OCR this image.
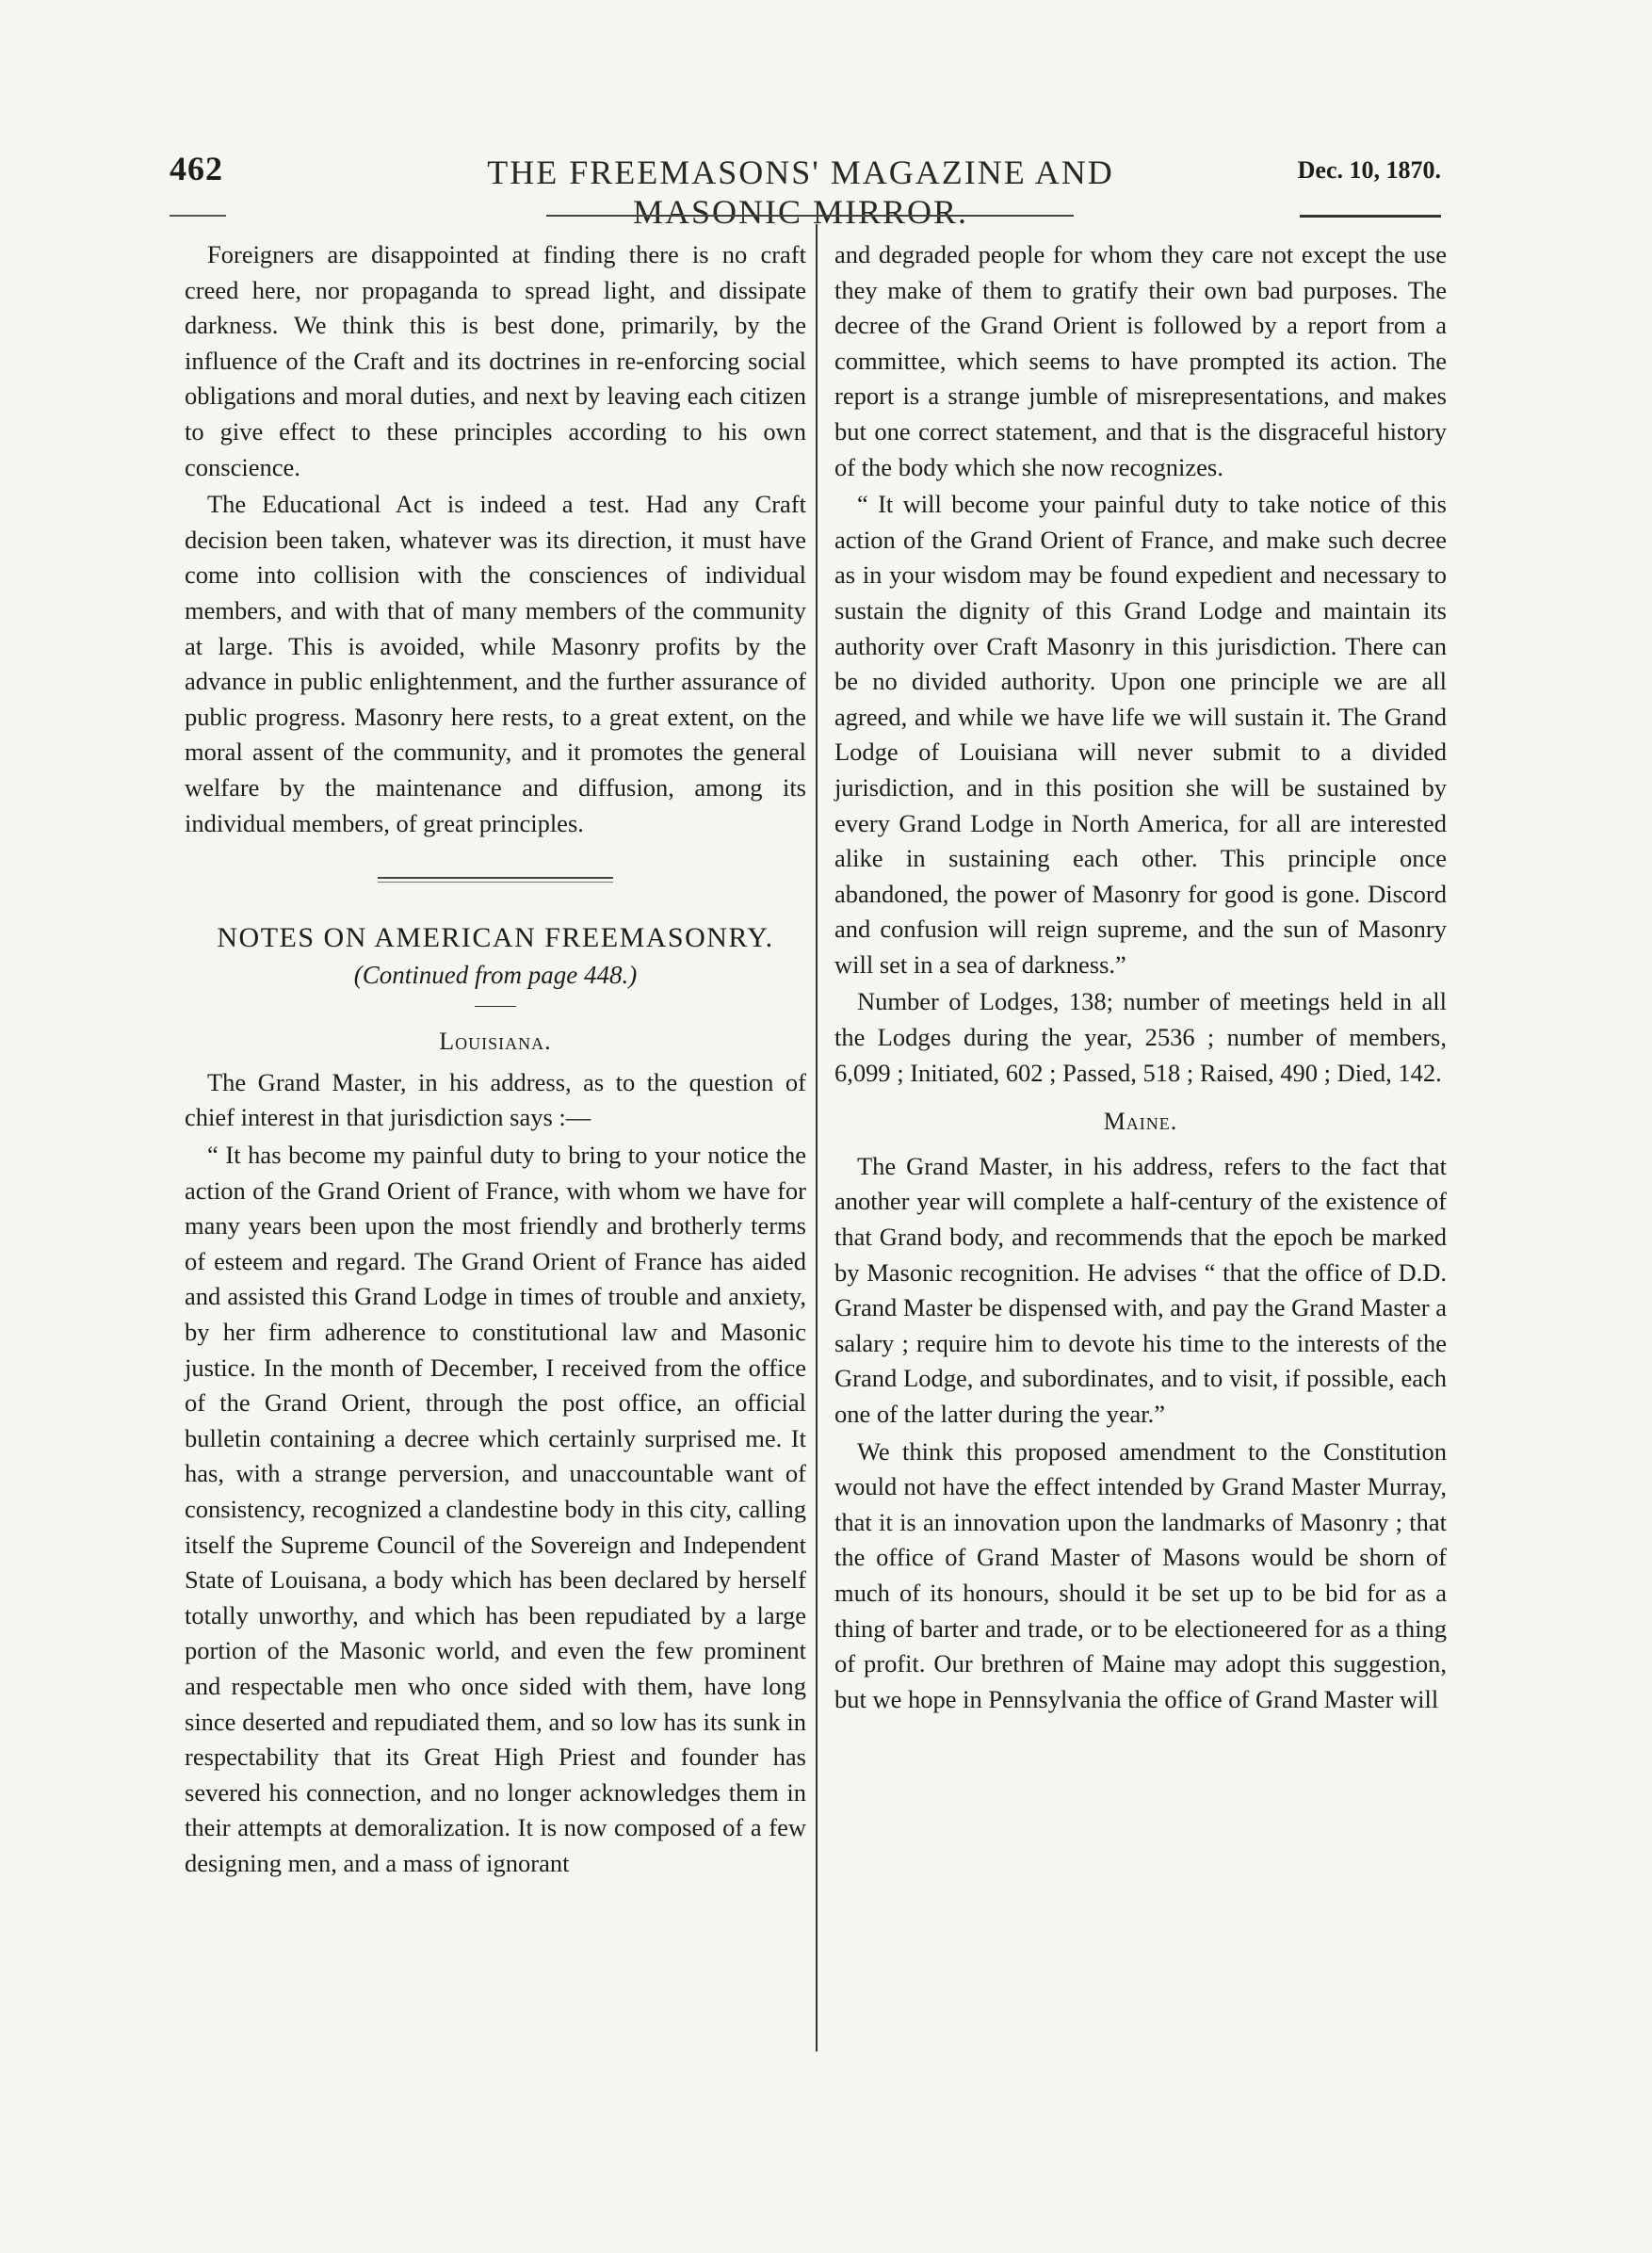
462	THE FREEMASONS' MAGAZINE AND MASONIC MIRROR.
Dec. 10, 1870.

Foreigners are disappointed at finding there is no craft creed here, nor propaganda to spread light, and dissipate darkness. We think this is best done, primarily, by the influence of the Craft and its doctrines in re-enforcing social obligations and moral duties, and next by leaving each citizen to give effect to these principles according to his own conscience.

The Educational Act is indeed a test. Had any Craft decision been taken, whatever was its direction, it must have come into collision with the consciences of individual members, and with that of many members of the community at large. This is avoided, while Masonry profits by the advance in public enlightenment, and the further assurance of public progress. Masonry here rests, to a great extent, on the moral assent of the community, and it promotes the general welfare by the maintenance and diffusion, among its individual members, of great principles.

NOTES ON AMERICAN FREEMASONRY.

(Continued from page 448.)

Louisiana.

The Grand Master, in his address, as to the question of chief interest in that jurisdiction says :—

“ It has become my painful duty to bring to your notice the action of the Grand Orient of France, with whom we have for many years been upon the most friendly and brotherly terms of esteem and regard. The Grand Orient of France has aided and assisted this Grand Lodge in times of trouble and anxiety, by her firm adherence to constitutional law and Masonic justice. In the month of December, I received from the office of the Grand Orient, through the post office, an official bulletin containing a decree which certainly surprised me. It has, with a strange perversion, and unaccountable want of consistency, recognized a clandestine body in this city, calling itself the Supreme Council of the Sovereign and Independent State of Louisana, a body which has been declared by herself totally unworthy, and which has been repudiated by a large portion of the Masonic world, and even the few prominent and respectable men who once sided with them, have long since deserted and repudiated them, and so low has its sunk in respectability that its Great High Priest and founder has severed his connection, and no longer acknowledges them in their attempts at demoralization. It is now composed of a few designing men, and a mass of ignorant

and degraded people for whom they care not except the use they make of them to gratify their own bad purposes. The decree of the Grand Orient is followed by a report from a committee, which seems to have prompted its action. The report is a strange jumble of misrepresentations, and makes but one correct statement, and that is the disgraceful history of the body which she now recognizes.

“ It will become your painful duty to take notice of this action of the Grand Orient of France, and make such decree as in your wisdom may be found expedient and necessary to sustain the dignity of this Grand Lodge and maintain its authority over Craft Masonry in this jurisdiction. There can be no divided authority. Upon one principle we are all agreed, and while we have life we will sustain it. The Grand Lodge of Louisiana will never submit to a divided jurisdiction, and in this position she will be sustained by every Grand Lodge in North America, for all are interested alike in sustaining each other. This principle once abandoned, the power of Masonry for good is gone. Discord and confusion will reign supreme, and the sun of Masonry will set in a sea of darkness.”

Number of Lodges, 138; number of meetings held in all the Lodges during the year, 2536 ; number of members, 6,099 ; Initiated, 602 ; Passed, 518 ; Raised, 490 ; Died, 142.

Maine.

The Grand Master, in his address, refers to the fact that another year will complete a half-century of the existence of that Grand body, and recommends that the epoch be marked by Masonic recognition. He advises “ that the office of D.D. Grand Master be dispensed with, and pay the Grand Master a salary ; require him to devote his time to the interests of the Grand Lodge, and subordinates, and to visit, if possible, each one of the latter during the year.”

We think this proposed amendment to the Constitution would not have the effect intended by Grand Master Murray, that it is an innovation upon the landmarks of Masonry ; that the office of Grand Master of Masons would be shorn of much of its honours, should it be set up to be bid for as a thing of barter and trade, or to be electioneered for as a thing of profit. Our brethren of Maine may adopt this suggestion, but we hope in Pennsylvania the office of Grand Master will
